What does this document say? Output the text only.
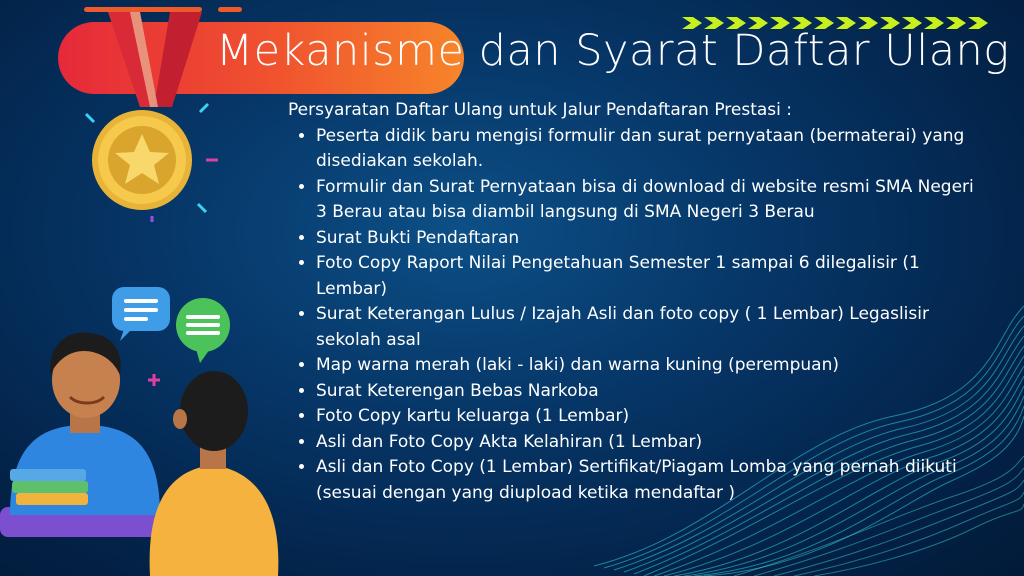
Mekanisme dan Syarat Daftar Ulang

Persyaratan Daftar Ulang untuk Jalur Pendaftaran Prestasi :

• Peserta didik baru mengisi formulir dan surat pernyataan (bermaterai) yang disediakan sekolah.
• Formulir dan Surat Pernyataan bisa di download di website resmi SMA Negeri 3 Berau atau bisa diambil langsung di SMA Negeri 3 Berau
• Surat Bukti Pendaftaran
• Foto Copy Raport Nilai Pengetahuan Semester 1 sampai 6 dilegalisir (1 Lembar)
• Surat Keterangan Lulus / Izajah Asli dan foto copy ( 1 Lembar) Legaslisir sekolah asal
• Map warna merah (laki - laki) dan warna kuning (perempuan)
• Surat Keterengan Bebas Narkoba
• Foto Copy kartu keluarga (1 Lembar)
• Asli dan Foto Copy Akta Kelahiran (1 Lembar)
• Asli dan Foto Copy (1 Lembar) Sertifikat/Piagam Lomba yang pernah diikuti (sesuai dengan yang diupload ketika mendaftar )
